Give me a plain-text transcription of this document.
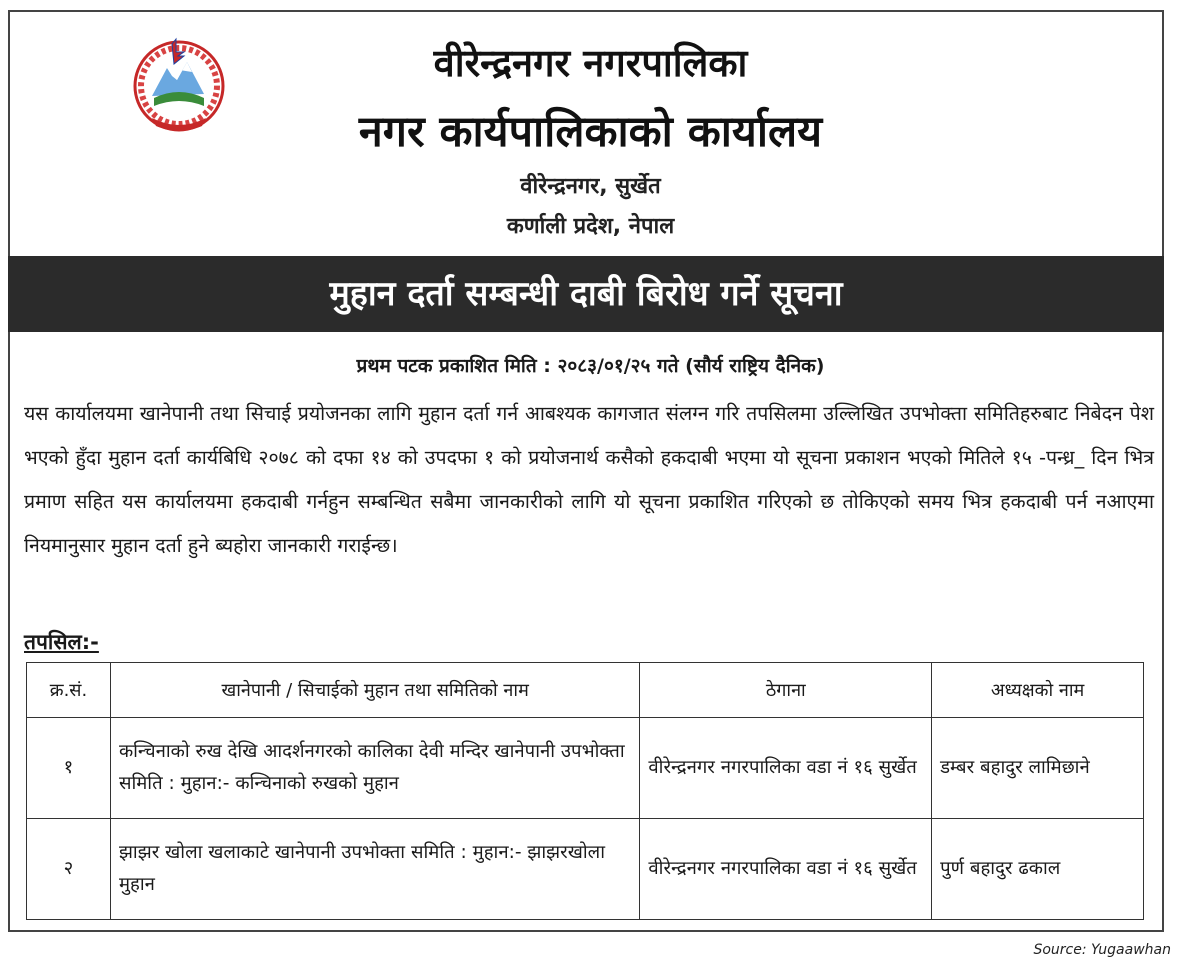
वीरेन्द्रनगर नगरपालिका
नगर कार्यपालिकाको कार्यालय
वीरेन्द्रनगर, सुर्खेत
कर्णाली प्रदेश, नेपाल
मुहान दर्ता सम्बन्धी दाबी बिरोध गर्ने सूचना
प्रथम पटक प्रकाशित मिति : २०८३/०१/२५ गते (सौर्य राष्ट्रिय दैनिक)
यस कार्यालयमा खानेपानी तथा सिचाई प्रयोजनका लागि मुहान दर्ता गर्न आबश्यक कागजात संलग्न गरि तपसिलमा उल्लिखित उपभोक्ता समितिहरुबाट निबेदन पेश भएको हुँदा मुहान दर्ता कार्यबिधि २०७८ को दफा १४ को उपदफा १ को प्रयोजनार्थ कसैको हकदाबी भएमा यो सूचना प्रकाशन भएको मितिले १५ -पन्ध्र_ दिन भित्र प्रमाण सहित यस कार्यालयमा हकदाबी गर्नहुन सम्बन्धित सबैमा जानकारीको लागि यो सूचना प्रकाशित गरिएको छ तोकिएको समय भित्र हकदाबी पर्न नआएमा नियमानुसार मुहान दर्ता हुने ब्यहोरा जानकारी गराईन्छ।
तपसिल:-
क्र.सं.	खानेपानी / सिचाईको मुहान तथा समितिको नाम	ठेगाना	अध्यक्षको नाम
१	कन्चिनाको रुख देखि आदर्शनगरको कालिका देवी मन्दिर खानेपानी उपभोक्ता समिति : मुहान:- कन्चिनाको रुखको मुहान	वीरेन्द्रनगर नगरपालिका वडा नं १६ सुर्खेत	डम्बर बहादुर लामिछाने
२	झाझर खोला खलाकाटे खानेपानी उपभोक्ता समिति : मुहान:- झाझरखोला मुहान	वीरेन्द्रनगर नगरपालिका वडा नं १६ सुर्खेत	पुर्ण बहादुर ढकाल
Source: Yugaawhan
